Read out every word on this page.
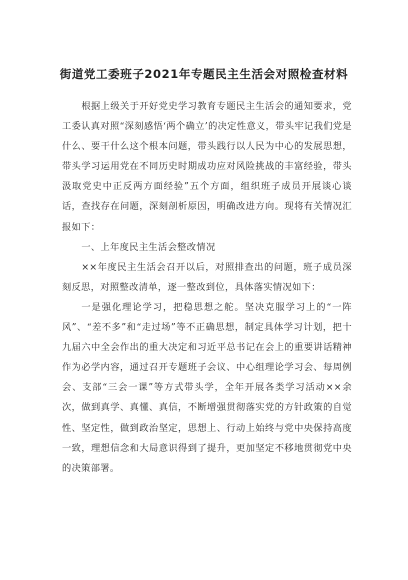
街道党工委班子2021年专题民主生活会对照检查材料

根据上级关于开好党史学习教育专题民主生活会的通知要求，党工委认真对照“深刻感悟‘两个确立’的决定性意义，带头牢记我们党是什么、要干什么这个根本问题，带头践行以人民为中心的发展思想，带头学习运用党在不同历史时期成功应对风险挑战的丰富经验，带头汲取党史中正反两方面经验”五个方面，组织班子成员开展谈心谈话，查找存在问题，深刻剖析原因，明确改进方向。现将有关情况汇报如下：

一、上年度民主生活会整改情况

××年度民主生活会召开以后，对照排查出的问题，班子成员深刻反思，对照整改清单，逐一整改到位，具体落实情况如下：

一是强化理论学习，把稳思想之舵。坚决克服学习上的“一阵风”、“差不多”和“走过场”等不正确思想，制定具体学习计划，把十九届六中全会作出的重大决定和习近平总书记在会上的重要讲话精神作为必学内容，通过召开专题班子会议、中心组理论学习会、每周例会、支部“三会一课”等方式带头学，全年开展各类学习活动××余次，做到真学、真懂、真信，不断增强贯彻落实党的方针政策的自觉性、坚定性，做到政治坚定，思想上、行动上始终与党中央保持高度一致，理想信念和大局意识得到了提升，更加坚定不移地贯彻党中央的决策部署。
